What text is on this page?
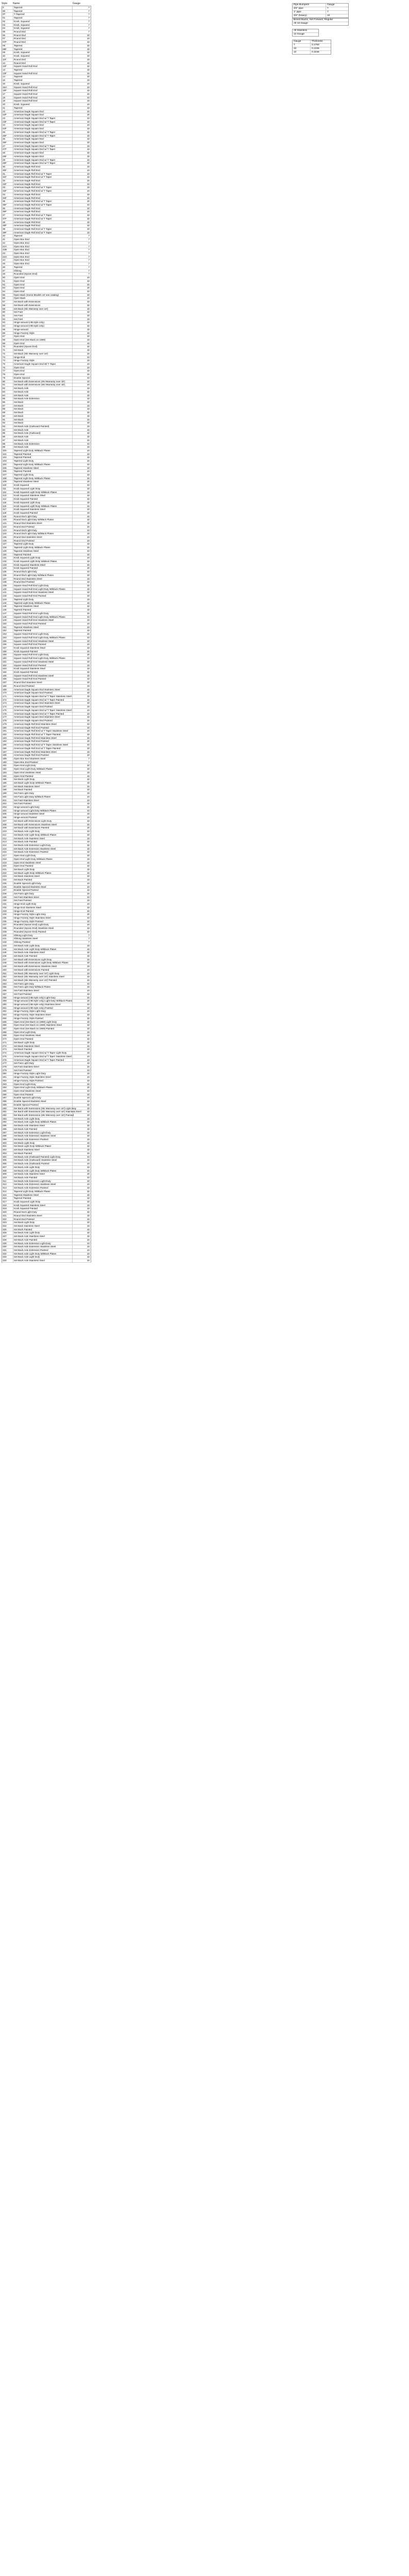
Style	Name	Gauge
0	Tapered	7
00	Tapered	7
0T	T-Tapered	7
01	Tapered	7
02	Knob, Squared	7
03	Knob, Squared	7
04	Knob, Squared	7
05	Round End	7
06	Round End	10
07	Round End	10
07F	Round End	10
08	Tapered	10
08F	Tapered	10
09	Knob, Squared	10
10	Knob, Squared	10
11F	Round End	10
12	Round End	10
12F	Square Hand Roll End	10
13	Tapered	10
13F	Square Hand Roll End	10
14	Tapered	10
15	Tapered	10
16	Knob, Squared	10
16A	Square Hand Roll End	10
16F	Square Hand Roll End	10
17	Square Hand Roll End	10
18	Square Hand Roll End	10
19	Square Hand Roll End	10
20	Knob, Squared	10
21	Tapered	10
22	American Eagle Square End	10
22F	American Eagle Square End	10
23	American Eagle Square End w/ T Taper	10
23F	American Eagle Square End w/ T Taper	10
24	American Eagle Square End	10
24F	American Eagle Square End	10
25	American Eagle Square End w/ T Taper	10
25F	American Eagle Square End w/ T Taper	10
26	American Eagle Square End	10
26F	American Eagle Square End	10
27	American Eagle Square End w/ T Taper	10
27F	American Eagle Square End w/ T Taper	10
28	American Eagle Square End	10
28F	American Eagle Square End	10
29	American Eagle Square End w/ T Taper	10
29F	American Eagle Square End w/ T Taper	10
30	American Eagle Roll End	10
30F	American Eagle Roll End	10
31	American Eagle Roll End w/ T Taper	10
31F	American Eagle Roll End w/ T Taper	10
32	American Eagle Roll End	10
32F	American Eagle Roll End	10
33	American Eagle Roll End w/ T Taper	10
33F	American Eagle Roll End w/ T Taper	10
34	American Eagle Roll End	10
34F	American Eagle Roll End	10
35	American Eagle Roll End w/ T Taper	10
35F	American Eagle Roll End w/ T Taper	10
36	American Eagle Roll End	10
36F	American Eagle Roll End	10
37	American Eagle Roll End w/ T Taper	10
37F	American Eagle Roll End w/ T Taper	10
38	American Eagle Roll End	10
38F	American Eagle Roll End	10
39	American Eagle Roll End w/ T Taper	10
39F	American Eagle Roll End w/ T Taper	10
40	Tapered	7
41	Open Box End	7
42	Open Box End	7
42A	Open Box End	7
42B	Open Box End	7
43	Open Box End	7
43A	Open Box End	7
44	Open Box End	7
45	Open Box End	7
46	Tapered	7
47	Oblong	7
48	Rounded (Spoon End)	7
50	Open End	10
51	Open End	10
52	Open End	10
53	Open End	10
54	Open End	10
55	Open Back (Some Models 18' see catalog)	10
56	Open Back	10
57	Set Back with Extensions	10
58	Set Back with Extensions	10
59	Set Back (Ski Warranty over 18')	10
60	Set Fast	10
61	Set Fast	10
62	Set Fast	10
63	Hinge-around (HB style only)	10
64	Hinge-around (HB style only)	10
65	Hinge-around	10
66	Hinge Factory Style	10
67	Open End	10
68	Open End (Set Back on 1969)	10
69	Open End	10
70	Rounded (Spoon End)	10
71	Set Back	10
72	Set Back (Ski Warranty over 18')	10
73	Hinge End	10
74	Hinge Factory Style	10
75	American Eagle Square End W/ T Taper	10
76	Open End	10
77	Open End	10
78	Open End	10
79	Double Special	10
80	Set Back with Extensions (Ski Warranty over 18')	10
81	Set Back with Extensions (Ski Warranty over 18')	10
82	Set Back Axle	10
83	Set Back Axle	10
84	Set Back Axle	10
85	Set Back Axle Extension	10
86	Set Back	10
87	Set Back	10
88	Set Back	10
89	Set Back	10
90	Set Back	10
91	Set Back	10
92	Set Back	10
93	Set Back Axle (Outboard Painted)	10
94	Set Back Axle	10
95	Set Back Axle (Outboard)	10
96	Set Back Axle	10
97	Set Back Axle	10
98	Set Back Axle Extension	10
99	Set Back Axle	10
100	Tapered Light Duty W/Black Plates	10
101	Tapered Painted	10
102	Tapered Painted	10
103	Tapered Light Duty	10
104	Tapered Light Duty W/Black Plates	10
105	Tapered Stainless Steel	10
106	Tapered Painted	10
107	Tapered Light Duty	10
108	Tapered Light Duty W/Black Plates	10
109	Tapered Stainless Steel	10
110	Knob Squared	10
111	Knob Squared Light Duty	10
112	Knob Squared Light Duty W/Black Plates	10
113	Knob Squared Stainless Steel	10
114	Knob Squared Painted	10
115	Knob Squared Light Duty	10
116	Knob Squared Light Duty W/Black Plates	10
117	Knob Squared Stainless Steel	10
118	Knob Squared Painted	10
119	Round End Light Duty	10
120	Round End Light Duty W/Black Plates	10
121	Round End Stainless Steel	10
122	Round End Painted	10
123	Round End Light Duty	10
124	Round End Light Duty W/Black Plates	10
125	Round End Stainless Steel	10
126	Round End Painted	10
127	Tapered Light Duty	10
128	Tapered Light Duty W/Black Plates	10
129	Tapered Stainless Steel	10
130	Tapered Painted	10
131	Knob Squared Light Duty	10
132	Knob Squared Light Duty W/Black Plates	10
133	Knob Squared Stainless Steel	10
134	Knob Squared Painted	10
135	Round End Light Duty	10
136	Round End Light Duty W/Black Plates	10
137	Round End Stainless Steel	10
138	Round End Painted	10
139	Square Hand Roll End Light Duty	10
140	Square Hand Roll End Light Duty W/Black Plates	10
141	Square Hand Roll End Stainless Steel	10
142	Square Hand Roll End Painted	10
143	Tapered Light Duty	10
144	Tapered Light Duty W/Black Plates	10
145	Tapered Stainless Steel	10
146	Tapered Painted	10
147	Square Hand Roll End Light Duty	10
148	Square Hand Roll End Light Duty W/Black Plates	10
149	Square Hand Roll End Stainless Steel	10
150	Square Hand Roll End Painted	10
151	Tapered Stainless Steel	10
152	Tapered Painted	10
153	Square Hand Roll End Light Duty	10
154	Square Hand Roll End Light Duty W/Black Plates	10
155	Square Hand Roll End Stainless Steel	10
156	Square Hand Roll End Painted	10
157	Knob Squared Stainless Steel	10
158	Knob Squared Painted	10
159	Square Hand Roll End Light Duty	10
160	Square Hand Roll End Light Duty W/Black Plates	10
161	Square Hand Roll End Stainless Steel	10
162	Square Hand Roll End Painted	10
163	Knob Squared Stainless Steel	10
164	Knob Squared Painted	10
165	Square Hand Roll End Stainless Steel	10
166	Square Hand Roll End Painted	10
167	Round End Stainless Steel	10
168	Round End Painted	10
169	American Eagle Square End Stainless Steel	10
170	American Eagle Square End Painted	10
171	American Eagle Square End w/ T Taper Stainless Steel	10
172	American Eagle Square End w/ T Taper Painted	10
173	American Eagle Square End Stainless Steel	10
174	American Eagle Square End Painted	10
175	American Eagle Square End w/ T Taper Stainless Steel	10
176	American Eagle Square End w/ T Taper Painted	10
177	American Eagle Square End Stainless Steel	10
178	American Eagle Square End Painted	10
179	American Eagle Roll End Stainless Steel	10
180	American Eagle Roll End Painted	10
181	American Eagle Roll End w/ T Taper Stainless Steel	10
182	American Eagle Roll End w/ T Taper Painted	10
183	American Eagle Roll End Stainless Steel	10
184	American Eagle Roll End Painted	10
185	American Eagle Roll End w/ T Taper Stainless Steel	10
186	American Eagle Roll End w/ T Taper Painted	10
187	American Eagle Roll End Stainless Steel	10
188	American Eagle Roll End Painted	10
189	Open Box End Stainless Steel	7
190	Open Box End Painted	7
191	Open End Light Duty	10
192	Open End Light Duty W/Black Plates	10
193	Open End Stainless Steel	10
194	Open End Painted	10
195	Set Back Light Duty	10
196	Set Back Light Duty W/Black Plates	10
197	Set Back Stainless Steel	10
198	Set Back Painted	10
199	Set Fast Light Duty	10
200	Set Fast Light Duty W/Black Plates	10
201	Set Fast Stainless Steel	10
202	Set Fast Painted	10
203	Hinge-around Light Duty	10
204	Hinge-around Light Duty W/Black Plates	10
205	Hinge-around Stainless Steel	10
206	Hinge-around Painted	10
207	Set Back with Extensions Light Duty	10
208	Set Back with Extensions Stainless Steel	10
209	Set Back with Extensions Painted	10
210	Set Back Axle Light Duty	10
211	Set Back Axle Light Duty W/Black Plates	10
212	Set Back Axle Stainless Steel	10
213	Set Back Axle Painted	10
214	Set Back Axle Extension Light Duty	10
215	Set Back Axle Extension Stainless Steel	10
216	Set Back Axle Extension Painted	10
217	Open End Light Duty	10
218	Open End Light Duty W/Black Plates	10
219	Open End Stainless Steel	10
220	Open End Painted	10
221	Set Back Light Duty	10
222	Set Back Light Duty W/Black Plates	10
223	Set Back Stainless Steel	10
224	Set Back Painted	10
225	Double Special Light Duty	10
226	Double Special Stainless Steel	10
227	Double Special Painted	10
228	Set Fast Light Duty	10
229	Set Fast Stainless Steel	10
230	Set Fast Painted	10
231	Hinge End Light Duty	10
232	Hinge End Stainless Steel	10
233	Hinge End Painted	10
234	Hinge Factory Style Light Duty	10
235	Hinge Factory Style Stainless Steel	10
236	Hinge Factory Style Painted	10
237	Rounded (Spoon End) Light Duty	10
238	Rounded (Spoon End) Stainless Steel	10
239	Rounded (Spoon End) Painted	10
240	Oblong Light Duty	7
241	Oblong Stainless Steel	7
242	Oblong Painted	7
243	Set Back Axle Light Duty	10
244	Set Back Axle Light Duty W/Black Plates	10
245	Set Back Axle Stainless Steel	10
246	Set Back Axle Painted	10
247	Set Back with Extensions Light Duty	10
248	Set Back with Extensions Light Duty W/Black Plates	10
249	Set Back with Extensions Stainless Steel	10
250	Set Back with Extensions Painted	10
251	Set Back (Ski Warranty over 18') Light Duty	10
252	Set Back (Ski Warranty over 18') Stainless Steel	10
253	Set Back (Ski Warranty over 18') Painted	10
254	Set Fast Light Duty	10
255	Set Fast Light Duty W/Black Plates	10
256	Set Fast Stainless Steel	10
257	Set Fast Painted	10
258	Hinge-around (HB style only) Light Duty	10
259	Hinge-around (HB style only) Light Duty W/Black Plates	10
260	Hinge-around (HB style only) Stainless Steel	10
261	Hinge-around (HB style only) Painted	10
262	Hinge Factory Style Light Duty	10
263	Hinge Factory Style Stainless Steel	10
264	Hinge Factory Style Painted	10
265	Open End (Set Back on 1969) Light Duty	10
266	Open End (Set Back on 1969) Stainless Steel	10
267	Open End (Set Back on 1969) Painted	10
268	Open End Light Duty	10
269	Open End Stainless Steel	10
270	Open End Painted	10
271	Set Back Light Duty	10
272	Set Back Stainless Steel	10
273	Set Back Painted	10
274	American Eagle Square End w/ T Taper Light Duty	10
275	American Eagle Square End w/ T Taper Stainless Steel	10
276	American Eagle Square End w/ T Taper Painted	10
277	Set Fast Light Duty	10
278	Set Fast Stainless Steel	10
279	Set Fast Painted	10
280	Hinge Factory Style Light Duty	10
281	Hinge Factory Style Stainless Steel	10
282	Hinge Factory Style Painted	10
283	Open End Light Duty	10
284	Open End Light Duty W/Black Plates	10
285	Open End Stainless Steel	10
286	Open End Painted	10
287	Double Special Light Duty	10
288	Double Special Stainless Steel	10
289	Double Special Painted	10
290	Set Back with Extensions (Ski Warranty over 18') Light Duty	10
291	Set Back with Extensions (Ski Warranty over 18') Stainless Steel	10
292	Set Back with Extensions (Ski Warranty over 18') Painted	10
293	Set Back Axle Light Duty	10
294	Set Back Axle Light Duty W/Black Plates	10
295	Set Back Axle Stainless Steel	10
296	Set Back Axle Painted	10
297	Set Back Axle Extension Light Duty	10
298	Set Back Axle Extension Stainless Steel	10
299	Set Back Axle Extension Painted	10
300	Set Back Light Duty	10
301	Set Back Light Duty W/Black Plates	10
302	Set Back Stainless Steel	10
303	Set Back Painted	10
304	Set Back Axle (Outboard Painted) Light Duty	10
305	Set Back Axle (Outboard) Stainless Steel	10
306	Set Back Axle (Outboard) Painted	10
307	Set Back Axle Light Duty	10
308	Set Back Axle Light Duty W/Black Plates	10
309	Set Back Axle Stainless Steel	10
310	Set Back Axle Painted	10
311	Set Back Axle Extension Light Duty	10
312	Set Back Axle Extension Stainless Steel	10
313	Set Back Axle Extension Painted	10
314	Tapered Light Duty W/Black Plates	10
315	Tapered Stainless Steel	10
316	Tapered Painted	10
317	Knob Squared Light Duty	10
318	Knob Squared Stainless Steel	10
319	Knob Squared Painted	10
320	Round End Light Duty	10
321	Round End Stainless Steel	10
322	Round End Painted	10
323	Set Back Light Duty	10
324	Set Back Stainless Steel	10
325	Set Back Painted	10
326	Set Back Axle Light Duty	10
327	Set Back Axle Stainless Steel	10
328	Set Back Axle Painted	10
329	Set Back Axle Extension Light Duty	10
330	Set Back Axle Extension Stainless Steel	10
331	Set Back Axle Extension Painted	10
332	Set Back Axle Light Duty W/Black Plates	10
333	Set Back Axle Light Duty	10
334	Set Back Axle Stainless Steel	10
Pipe Bumpers	Gauge
3/4" pipe	7
1" pipe	7
3/4" (heavy)	10
Boxed Backs, Set Forward, Regular
All 18 Gauge
All Stainless
12 Gauge
Gauge	Thickness
7	0.1793
10	0.1345
12	0.1046
